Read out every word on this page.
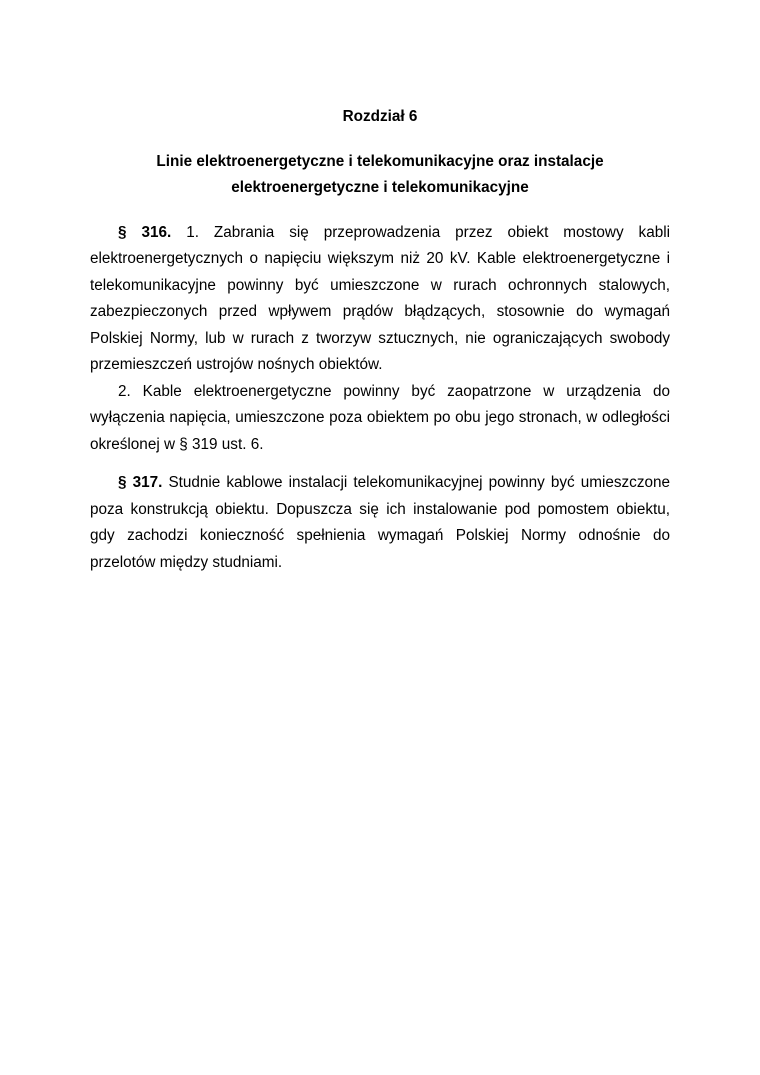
Rozdział 6

Linie elektroenergetyczne i telekomunikacyjne oraz instalacje
elektroenergetyczne i telekomunikacyjne

§ 316. 1. Zabrania się przeprowadzenia przez obiekt mostowy kabli elektroenergetycznych o napięciu większym niż 20 kV. Kable elektroenergetyczne i telekomunikacyjne powinny być umieszczone w rurach ochronnych stalowych, zabezpieczonych przed wpływem prądów błądzących, stosownie do wymagań Polskiej Normy, lub w rurach z tworzyw sztucznych, nie ograniczających swobody przemieszczeń ustrojów nośnych obiektów.

2. Kable elektroenergetyczne powinny być zaopatrzone w urządzenia do wyłączenia napięcia, umieszczone poza obiektem po obu jego stronach, w odległości określonej w § 319 ust. 6.

§ 317. Studnie kablowe instalacji telekomunikacyjnej powinny być umieszczone poza konstrukcją obiektu. Dopuszcza się ich instalowanie pod pomostem obiektu, gdy zachodzi konieczność spełnienia wymagań Polskiej Normy odnośnie do przelotów między studniami.
